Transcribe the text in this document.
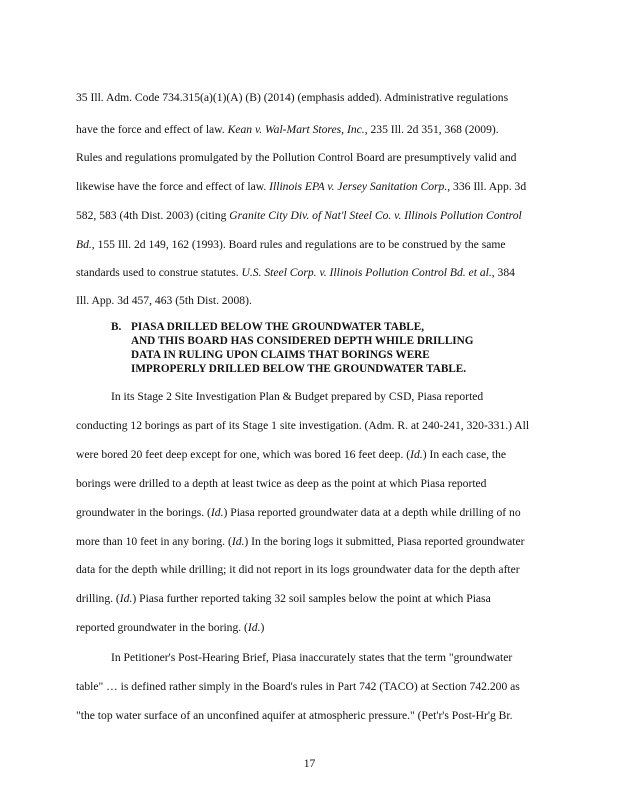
35 Ill. Adm. Code 734.315(a)(1)(A) (B) (2014) (emphasis added). Administrative regulations
have the force and effect of law. Kean v. Wal-Mart Stores, Inc., 235 Ill. 2d 351, 368 (2009).
Rules and regulations promulgated by the Pollution Control Board are presumptively valid and
likewise have the force and effect of law. Illinois EPA v. Jersey Sanitation Corp., 336 Ill. App. 3d
582, 583 (4th Dist. 2003) (citing Granite City Div. of Nat'l Steel Co. v. Illinois Pollution Control
Bd., 155 Ill. 2d 149, 162 (1993). Board rules and regulations are to be construed by the same
standards used to construe statutes. U.S. Steel Corp. v. Illinois Pollution Control Bd. et al., 384
Ill. App. 3d 457, 463 (5th Dist. 2008).
B. PIASA DRILLED BELOW THE GROUNDWATER TABLE,
AND THIS BOARD HAS CONSIDERED DEPTH WHILE DRILLING
DATA IN RULING UPON CLAIMS THAT BORINGS WERE
IMPROPERLY DRILLED BELOW THE GROUNDWATER TABLE.
In its Stage 2 Site Investigation Plan & Budget prepared by CSD, Piasa reported
conducting 12 borings as part of its Stage 1 site investigation. (Adm. R. at 240-241, 320-331.) All
were bored 20 feet deep except for one, which was bored 16 feet deep. (Id.) In each case, the
borings were drilled to a depth at least twice as deep as the point at which Piasa reported
groundwater in the borings. (Id.) Piasa reported groundwater data at a depth while drilling of no
more than 10 feet in any boring. (Id.) In the boring logs it submitted, Piasa reported groundwater
data for the depth while drilling; it did not report in its logs groundwater data for the depth after
drilling. (Id.) Piasa further reported taking 32 soil samples below the point at which Piasa
reported groundwater in the boring. (Id.)
In Petitioner's Post-Hearing Brief, Piasa inaccurately states that the term "groundwater
table" … is defined rather simply in the Board's rules in Part 742 (TACO) at Section 742.200 as
"the top water surface of an unconfined aquifer at atmospheric pressure." (Pet'r's Post-Hr'g Br.
17
